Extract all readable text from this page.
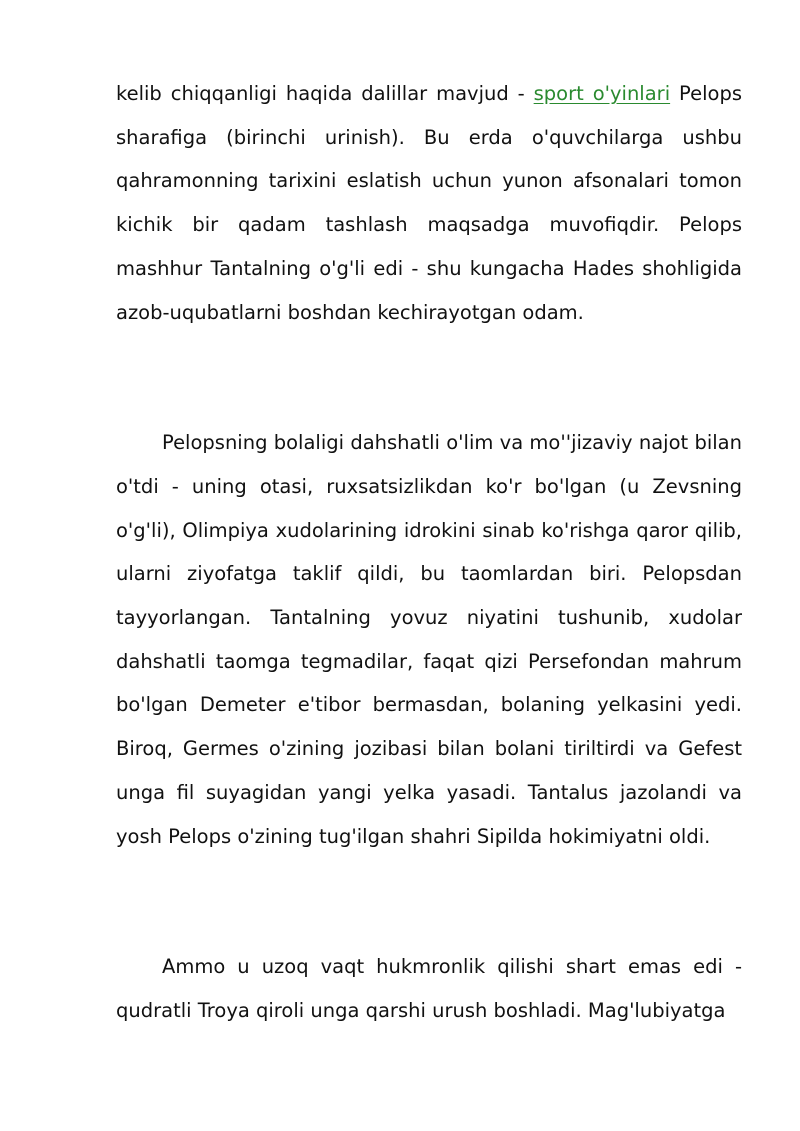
kelib chiqqanligi haqida dalillar mavjud - sport o'yinlari Pelops sharafiga (birinchi urinish). Bu erda o'quvchilarga ushbu qahramonning tarixini eslatish uchun yunon afsonalari tomon kichik bir qadam tashlash maqsadga muvofiqdir. Pelops mashhur Tantalning o'g'li edi - shu kungacha Hades shohligida azob-uqubatlarni boshdan kechirayotgan odam.

Pelopsning bolaligi dahshatli o'lim va mo''jizaviy najot bilan o'tdi - uning otasi, ruxsatsizlikdan ko'r bo'lgan (u Zevsning o'g'li), Olimpiya xudolarining idrokini sinab ko'rishga qaror qilib, ularni ziyofatga taklif qildi, bu taomlardan biri. Pelopsdan tayyorlangan. Tantalning yovuz niyatini tushunib, xudolar dahshatli taomga tegmadilar, faqat qizi Persefondan mahrum bo'lgan Demeter e'tibor bermasdan, bolaning yelkasini yedi. Biroq, Germes o'zining jozibasi bilan bolani tiriltirdi va Gefest unga fil suyagidan yangi yelka yasadi. Tantalus jazolandi va yosh Pelops o'zining tug'ilgan shahri Sipilda hokimiyatni oldi.

Ammo u uzoq vaqt hukmronlik qilishi shart emas edi - qudratli Troya qiroli unga qarshi urush boshladi. Mag'lubiyatga
